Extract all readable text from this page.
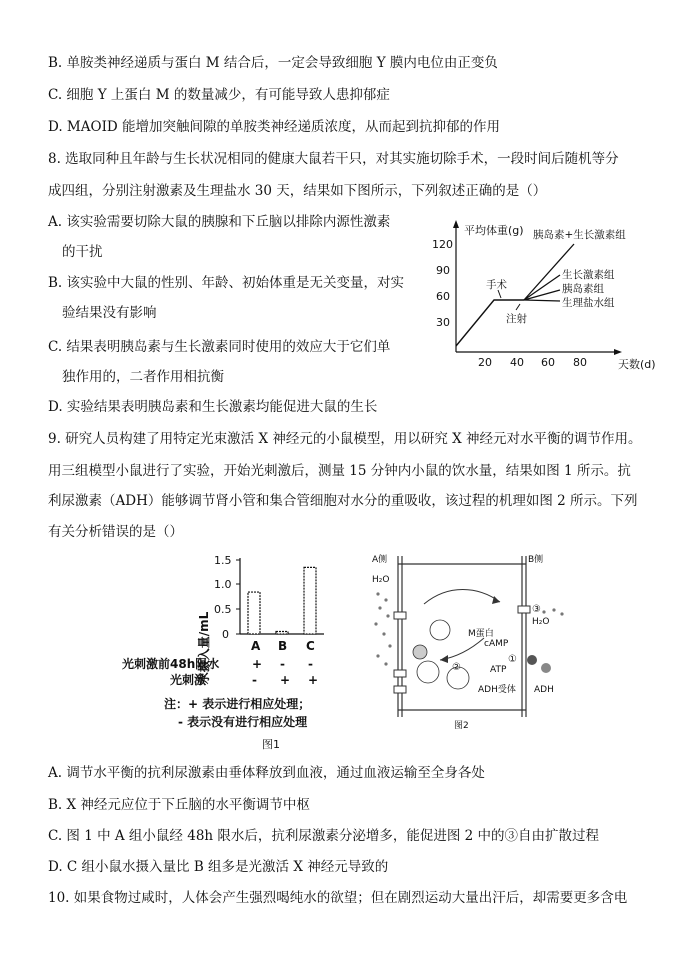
B. 单胺类神经递质与蛋白 M 结合后，一定会导致细胞 Y 膜内电位由正变负
C. 细胞 Y 上蛋白 M 的数量减少，有可能导致人患抑郁症
D. MAOID 能增加突触间隙的单胺类神经递质浓度，从而起到抗抑郁的作用
8. 选取同种且年龄与生长状况相同的健康大鼠若干只，对其实施切除手术，一段时间后随机等分
成四组，分别注射激素及生理盐水 30 天，结果如下图所示，下列叙述正确的是（）
A. 该实验需要切除大鼠的胰腺和下丘脑以排除内源性激素
的干扰
B. 该实验中大鼠的性别、年龄、初始体重是无关变量，对实
验结果没有影响
C. 结果表明胰岛素与生长激素同时使用的效应大于它们单
独作用的，二者作用相抗衡
D. 实验结果表明胰岛素和生长激素均能促进大鼠的生长
9. 研究人员构建了用特定光束激活 X 神经元的小鼠模型，用以研究 X 神经元对水平衡的调节作用。
用三组模型小鼠进行了实验，开始光刺激后，测量 15 分钟内小鼠的饮水量，结果如图 1 所示。抗
利尿激素（ADH）能够调节肾小管和集合管细胞对水分的重吸收，该过程的机理如图 2 所示。下列
有关分析错误的是（）
A. 调节水平衡的抗利尿激素由垂体释放到血液，通过血液运输至全身各处
B. X 神经元应位于下丘脑的水平衡调节中枢
C. 图 1 中 A 组小鼠经 48h 限水后，抗利尿激素分泌增多，能促进图 2 中的③自由扩散过程
D. C 组小鼠水摄入量比 B 组多是光激活 X 神经元导致的
10. 如果食物过咸时，人体会产生强烈喝纯水的欲望；但在剧烈运动大量出汗后，却需要更多含电
平均体重(g)
天数(d)
30
60
90
120
20 40 60 80
手术
注射
胰岛素+生长激素组
生长激素组
胰岛素组
生理盐水组
水摄入量/mL 0
0.5
1.0
1.5
A B C
光刺激前48h限水	+ - -
光刺激	- + +
注：+ 表示进行相应处理；
- 表示没有进行相应处理
图1
A侧	B侧
H₂O
H₂O
M蛋白
cAMP
ATP
ADH受体 ADH
①
②
③
图2
